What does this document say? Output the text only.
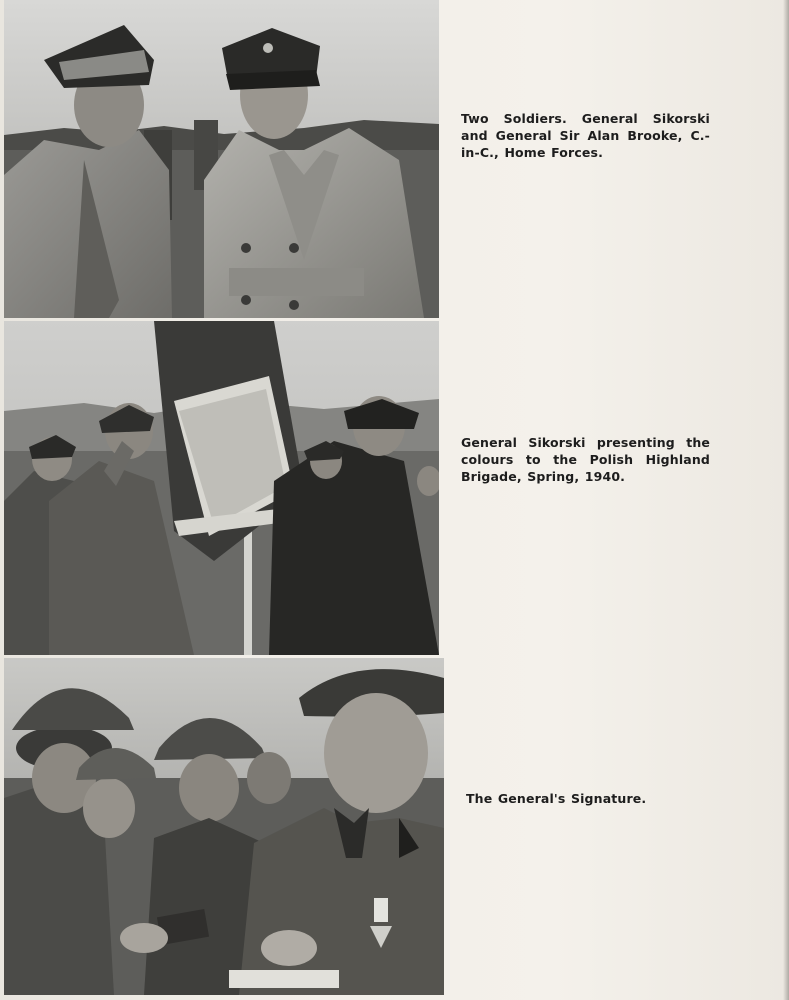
Two Soldiers. General Sikorski and General Sir Alan Brooke, C.-in-C., Home Forces.
General Sikorski presenting the colours to the Polish Highland Brigade, Spring, 1940.
The General's Signature.
